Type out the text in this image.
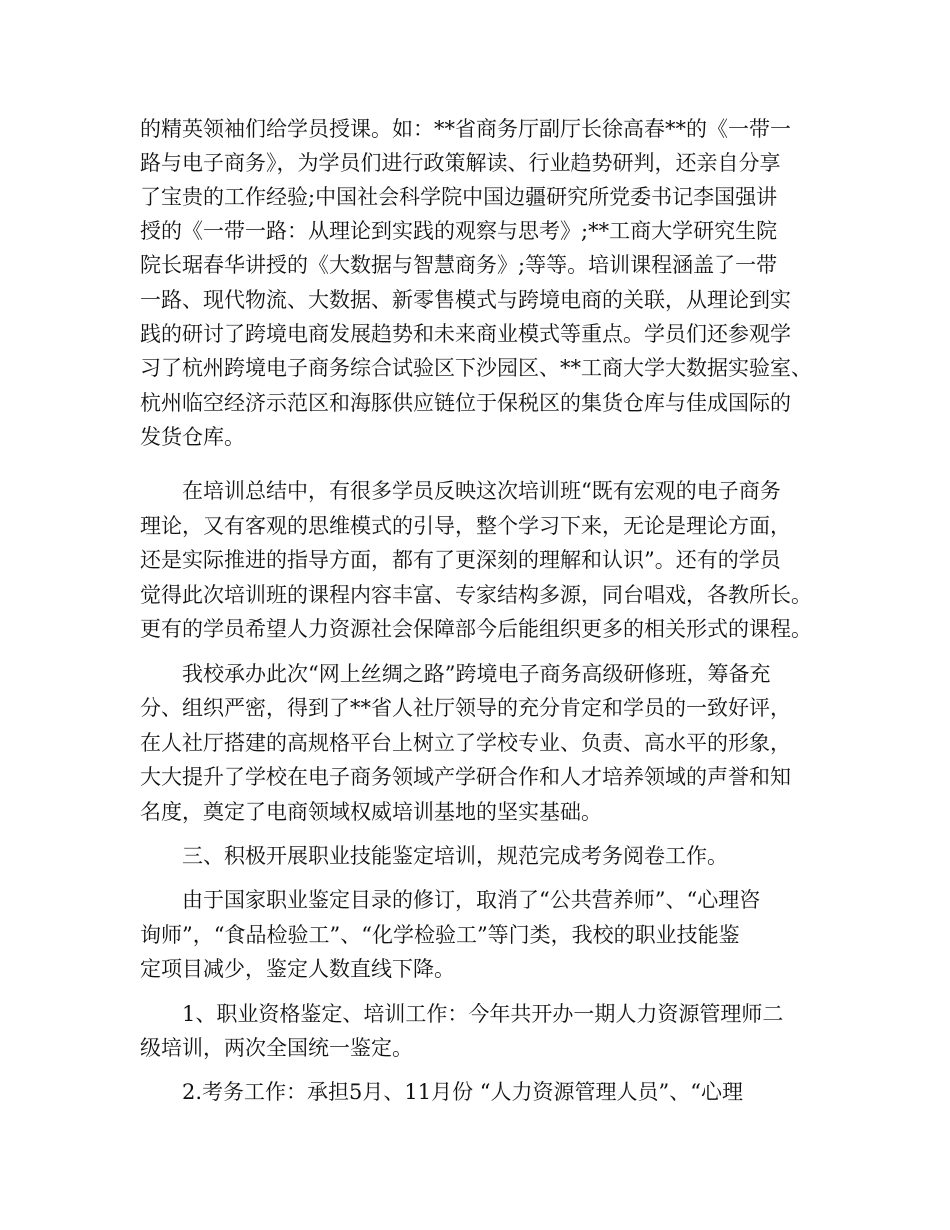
的精英领袖们给学员授课。如：**省商务厅副厅长徐高春**的《一带一
路与电子商务》，为学员们进行政策解读、行业趋势研判，还亲自分享
了宝贵的工作经验;中国社会科学院中国边疆研究所党委书记李国强讲
授的《一带一路：从理论到实践的观察与思考》;**工商大学研究生院
院长琚春华讲授的《大数据与智慧商务》;等等。培训课程涵盖了一带
一路、现代物流、大数据、新零售模式与跨境电商的关联，从理论到实
践的研讨了跨境电商发展趋势和未来商业模式等重点。学员们还参观学
习了杭州跨境电子商务综合试验区下沙园区、**工商大学大数据实验室、
杭州临空经济示范区和海豚供应链位于保税区的集货仓库与佳成国际的
发货仓库。
在培训总结中，有很多学员反映这次培训班“既有宏观的电子商务
理论，又有客观的思维模式的引导，整个学习下来，无论是理论方面，
还是实际推进的指导方面，都有了更深刻的理解和认识”。还有的学员
觉得此次培训班的课程内容丰富、专家结构多源，同台唱戏，各教所长。
更有的学员希望人力资源社会保障部今后能组织更多的相关形式的课程。
我校承办此次“网上丝绸之路”跨境电子商务高级研修班，筹备充
分、组织严密，得到了**省人社厅领导的充分肯定和学员的一致好评，
在人社厅搭建的高规格平台上树立了学校专业、负责、高水平的形象，
大大提升了学校在电子商务领域产学研合作和人才培养领域的声誉和知
名度，奠定了电商领域权威培训基地的坚实基础。
三、积极开展职业技能鉴定培训，规范完成考务阅卷工作。
由于国家职业鉴定目录的修订，取消了“公共营养师”、“心理咨
询师”，“食品检验工”、“化学检验工”等门类，我校的职业技能鉴
定项目减少，鉴定人数直线下降。
1、职业资格鉴定、培训工作：今年共开办一期人力资源管理师二
级培训，两次全国统一鉴定。
2.考务工作：承担5月、11月份 “人力资源管理人员”、“心理
